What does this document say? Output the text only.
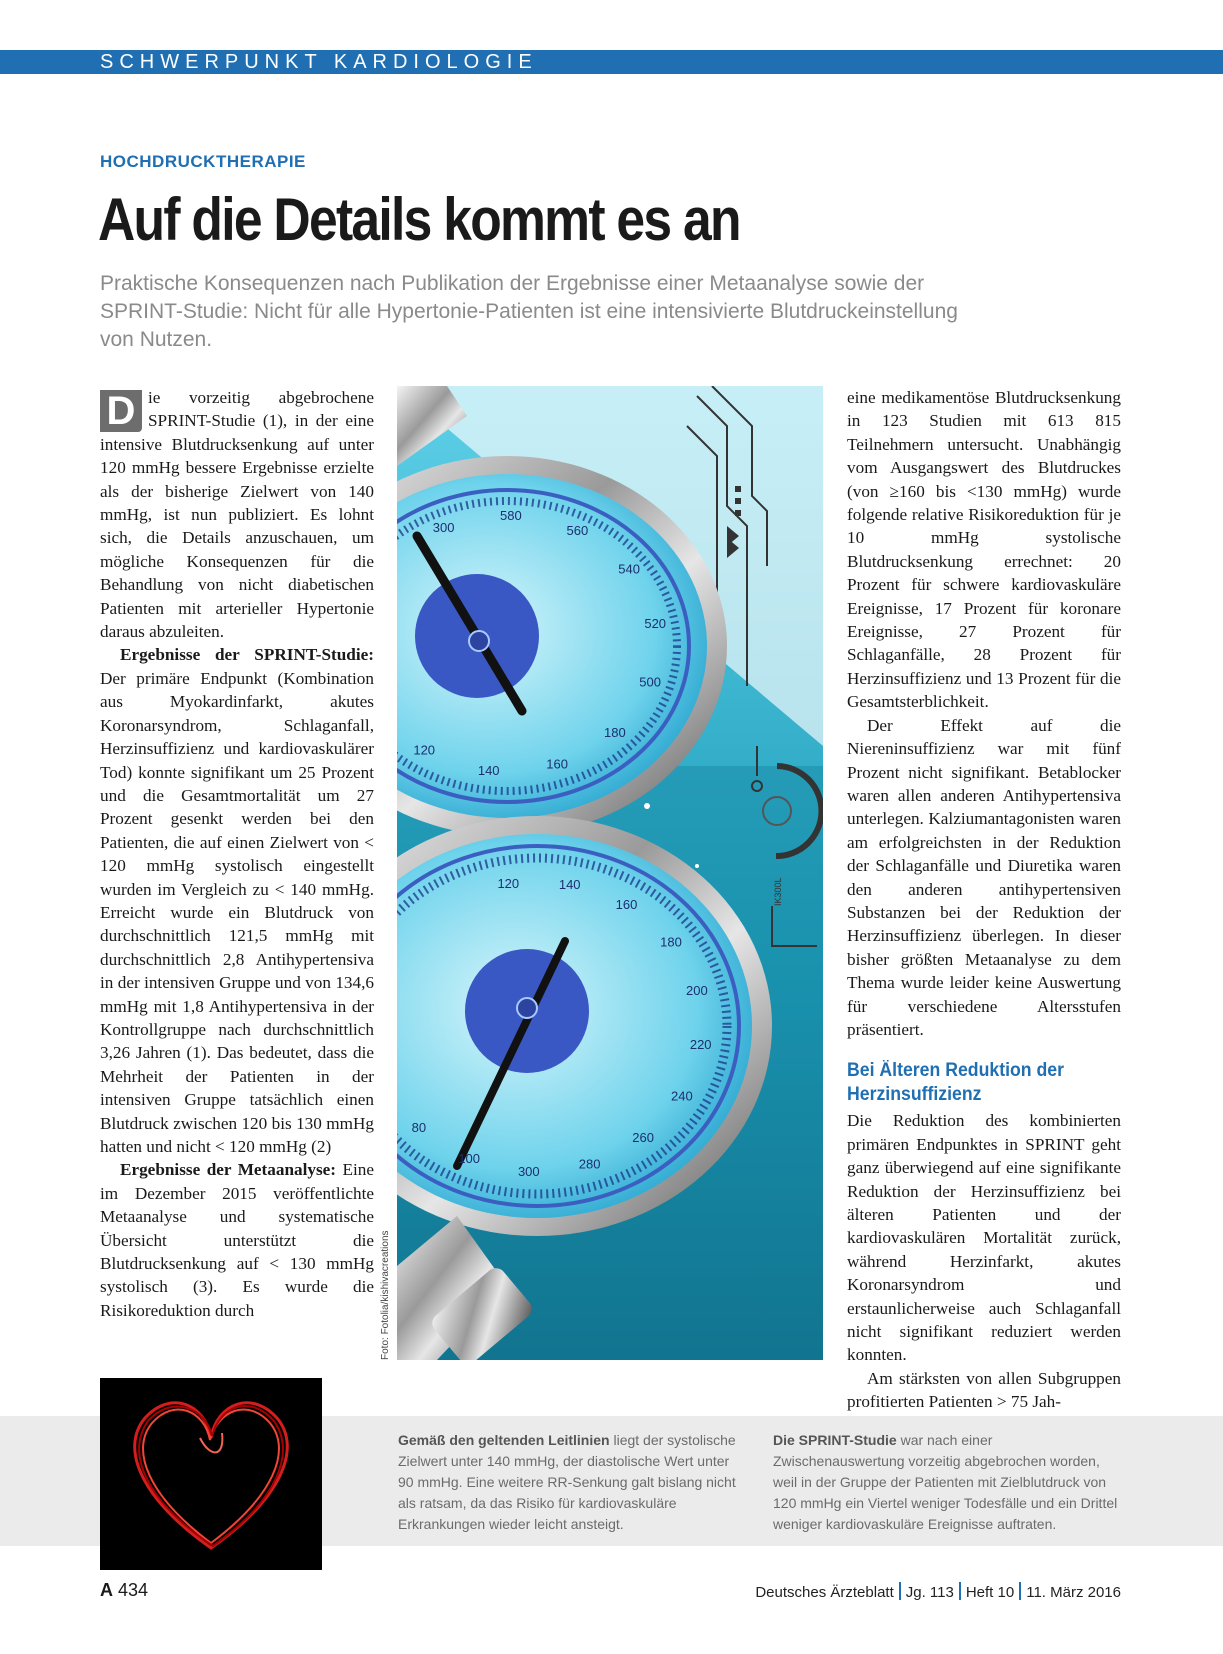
SCHWERPUNKT KARDIOLOGIE
HOCHDRUCKTHERAPIE
Auf die Details kommt es an
Praktische Konsequenzen nach Publikation der Ergebnisse einer Metaanalyse sowie der SPRINT-Studie: Nicht für alle Hypertonie-Patienten ist eine intensivierte Blutdruckeinstellung von Nutzen.

D ie vorzeitig abgebrochene SPRINT-Studie (1), in der eine intensive Blutdrucksenkung auf unter 120 mmHg bessere Ergebnisse erzielte als der bisherige Zielwert von 140 mmHg, ist nun publiziert. Es lohnt sich, die Details anzuschauen, um mögliche Konsequenzen für die Behandlung von nicht diabetischen Patienten mit arterieller Hypertonie daraus abzuleiten.

Ergebnisse der SPRINT-Studie: Der primäre Endpunkt (Kombination aus Myokardinfarkt, akutes Koronarsyndrom, Schlaganfall, Herzinsuffizienz und kardiovaskulärer Tod) konnte signifikant um 25 Prozent und die Gesamtmortalität um 27 Prozent gesenkt werden bei den Patienten, die auf einen Zielwert von < 120 mmHg systolisch eingestellt wurden im Vergleich zu < 140 mmHg. Erreicht wurde ein Blutdruck von durchschnittlich 121,5 mmHg mit durchschnittlich 2,8 Antihypertensiva in der intensiven Gruppe und von 134,6 mmHg mit 1,8 Antihypertensiva in der Kontrollgruppe nach durchschnittlich 3,26 Jahren (1). Das bedeutet, dass die Mehrheit der Patienten in der intensiven Gruppe tatsächlich einen Blutdruck zwischen 120 bis 130 mmHg hatten und nicht < 120 mmHg (2)

Ergebnisse der Metaanalyse: Eine im Dezember 2015 veröffentlichte Metaanalyse und systematische Übersicht unterstützt die Blutdrucksenkung auf < 130 mmHg systolisch (3). Es wurde die Risikoreduktion durch

IK300L
300
580
560
540
520
500
180
160
140
120
120	140
160
180
200
220
240
260
280
300
100
80
Foto: Fotolia/kishivacreations

eine medikamentöse Blutdrucksenkung in 123 Studien mit 613 815 Teilnehmern untersucht. Unabhängig vom Ausgangswert des Blutdruckes (von ≥160 bis <130 mmHg) wurde folgende relative Risikoreduktion für je 10 mmHg systolische Blutdrucksenkung errechnet: 20 Prozent für schwere kardiovaskuläre Ereignisse, 17 Prozent für koronare Ereignisse, 27 Prozent für Schlaganfälle, 28 Prozent für Herzinsuffizienz und 13 Prozent für die Gesamtsterblichkeit.

Der Effekt auf die Niereninsuffizienz war mit fünf Prozent nicht signifikant. Betablocker waren allen anderen Antihypertensiva unterlegen. Kalziumantagonisten waren am erfolgreichsten in der Reduktion der Schlaganfälle und Diuretika waren den anderen antihypertensiven Substanzen bei der Reduktion der Herzinsuffizienz überlegen. In dieser bisher größten Metaanalyse zu dem Thema wurde leider keine Auswertung für verschiedene Altersstufen präsentiert.

Bei Älteren Reduktion der Herzinsuffizienz

Die Reduktion des kombinierten primären Endpunktes in SPRINT geht ganz überwiegend auf eine signifikante Reduktion der Herzinsuffizienz bei älteren Patienten und der kardiovaskulären Mortalität zurück, während Herzinfarkt, akutes Koronarsyndrom und erstaunlicherweise auch Schlaganfall nicht signifikant reduziert werden konnten.

Am stärksten von allen Subgruppen profitierten Patienten > 75 Jah-

Gemäß den geltenden Leitlinien liegt der systolische Zielwert unter 140 mmHg, der diastolische Wert unter 90 mmHg. Eine weitere RR-Senkung galt bislang nicht als ratsam, da das Risiko für kardiovaskuläre Erkrankungen wieder leicht ansteigt.
Die SPRINT-Studie war nach einer Zwischenauswertung vorzeitig abgebrochen worden, weil in der Gruppe der Patienten mit Zielblutdruck von 120 mmHg ein Viertel weniger Todesfälle und ein Drittel weniger kardiovaskuläre Ereignisse auftraten.
A 434	Deutsches Ärzteblatt Jg. 113 Heft 10 11. März 2016
